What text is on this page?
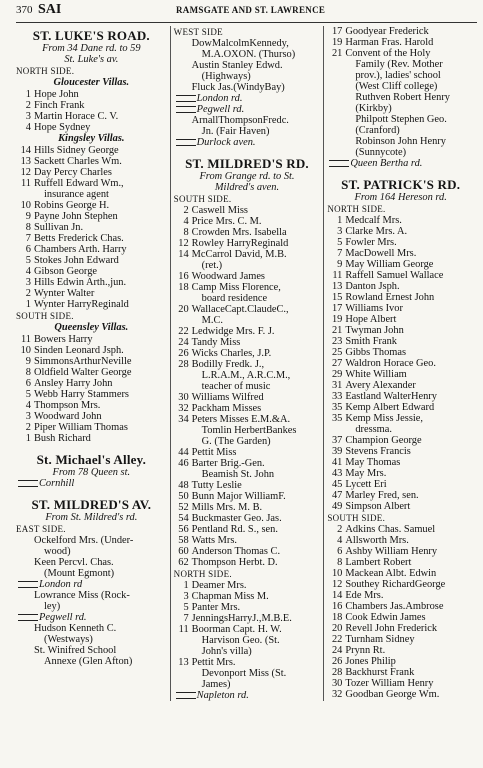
370 SAI	RAMSGATE AND ST. LAWRENCE
ST. LUKE'S ROAD.
From 34 Dane rd. to 59
St. Luke's av.
NORTH SIDE.
Gloucester Villas.
1 Hope John
2 Finch Frank
3 Martin Horace C. V.
4 Hope Sydney
Kingsley Villas.
14 Hills Sidney George
13 Sackett Charles Wm.
12 Day Percy Charles
11 Ruffell Edward Wm.,
insurance agent
10 Robins George H.
9 Payne John Stephen
8 Sullivan Jn.
7 Betts Frederick Chas.
6 Chambers Arth. Harry
5 Stokes John Edward
4 Gibson George
3 Hills Edwin Arth.,jun.
2 Wynter Walter
1 Wynter HarryReginald
SOUTH SIDE.
Queensley Villas.
11 Bowers Harry
10 Sinden Leonard Jsph.
9 SimmonsArthurNeville
8 Oldfield Walter George
6 Ansley Harry John
5 Webb Harry Stammers
4 Thompson Mrs.
3 Woodward John
2 Piper William Thomas
1 Bush Richard
St. Michael's Alley.
From 78 Queen st.
Cornhill
ST. MILDRED'S AV.
From St. Mildred's rd.
EAST SIDE.
Ockelford Mrs. (Under-
wood)
Keen Percvl. Chas.
(Mount Egmont)
London rd
Lowrance Miss (Rock-
ley)
Pegwell rd.
Hudson Kenneth C.
(Westways)
St. Winifred School
Annexe (Glen Afton)
WEST SIDE
DowMalcolmKennedy,
M.A.OXON. (Thurso)
Austin Stanley Edwd.
(Highways)
Fluck Jas.(WindyBay)
London rd.
Pegwell rd.
ArnallThompsonFredc.
Jn. (Fair Haven)
Durlock aven.
ST. MILDRED'S RD.
From Grange rd. to St.
Mildred's aven.
SOUTH SIDE.
2 Caswell Miss
4 Price Mrs. C. M.
8 Crowden Mrs. Isabella
12 Rowley HarryReginald
14 McCarrol David, M.B.
(ret.)
16 Woodward James
18 Camp Miss Florence,
board residence
20 WallaceCapt.ClaudeC.,
M.C.
22 Ledwidge Mrs. F. J.
24 Tandy Miss
26 Wicks Charles, J.P.
28 Bodilly Fredk. J.,
L.R.A.M., A.R.C.M.,
teacher of music
30 Williams Wilfred
32 Packham Misses
34 Peters Misses E.M.&A.
Tomlin HerbertBankes
G. (The Garden)
44 Pettit Miss
46 Barter Brig.-Gen.
Beamish St. John
48 Tutty Leslie
50 Bunn Major WilliamF.
52 Mills Mrs. M. B.
54 Buckmaster Geo. Jas.
56 Pentland Rd. S., sen.
58 Watts Mrs.
60 Anderson Thomas C.
62 Thompson Herbt. D.
NORTH SIDE.
1 Deamer Mrs.
3 Chapman Miss M.
5 Panter Mrs.
7 JenningsHarryJ.,M.B.E.
11 Boorman Capt. H. W.
Harvison Geo. (St.
John's villa)
13 Pettit Mrs.
Devonport Miss (St.
James)
Napleton rd.
17 Goodyear Frederick
19 Harman Fras. Harold
21 Convent of the Holy
Family (Rev. Mother
prov.), ladies' school
(West Cliff college)
Ruthven Robert Henry
(Kirkby)
Philpott Stephen Geo.
(Cranford)
Robinson John Henry
(Sunnycote)
Queen Bertha rd.
ST. PATRICK'S RD.
From 164 Hereson rd.
NORTH SIDE.
1 Medcalf Mrs.
3 Clarke Mrs. A.
5 Fowler Mrs.
7 MacDowell Mrs.
9 May William George
11 Raffell Samuel Wallace
13 Danton Jsph.
15 Rowland Ernest John
17 Williams Ivor
19 Hope Albert
21 Twyman John
23 Smith Frank
25 Gibbs Thomas
27 Waldron Horace Geo.
29 White William
31 Avery Alexander
33 Eastland WalterHenry
35 Kemp Albert Edward
35 Kemp Miss Jessie,
dressma.
37 Champion George
39 Stevens Francis
41 May Thomas
43 May Mrs.
45 Lycett Eri
47 Marley Fred, sen.
49 Simpson Albert
SOUTH SIDE.
2 Adkins Chas. Samuel
4 Allsworth Mrs.
6 Ashby William Henry
8 Lambert Robert
10 Mackean Albt. Edwin
12 Southey RichardGeorge
14 Ede Mrs.
16 Chambers Jas.Ambrose
18 Cook Edwin James
20 Revell John Frederick
22 Turnham Sidney
24 Prynn Rt.
26 Jones Philip
28 Backhurst Frank
30 Tozer William Henry
32 Goodban George Wm.
